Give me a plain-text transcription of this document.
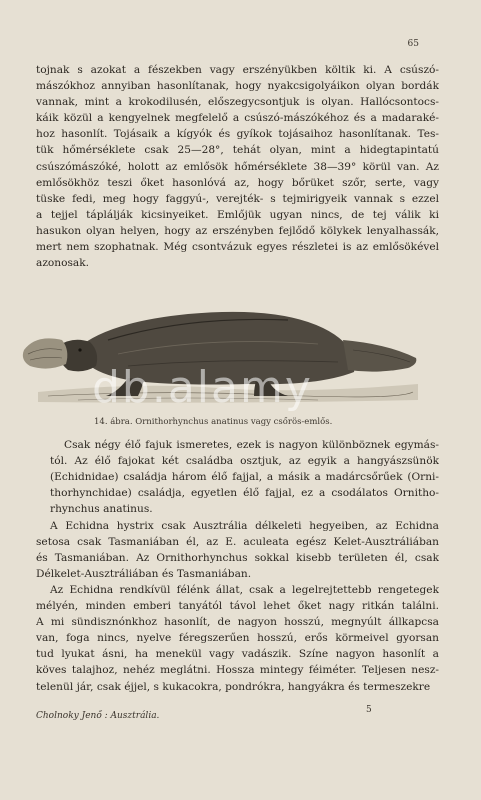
65
tojnak s azokat a fészekben vagy erszényükben költik ki. A csúszó-
mászókhoz annyiban hasonlítanak, hogy nyakcsigolyáikon olyan bordák
vannak, mint a krokodilusén, előszegycsontjuk is olyan. Hallócsontocs-
káik közül a kengyelnek megfelelő a csúszó-mászókéhoz és a madaraké-
hoz hasonlít. Tojásaik a kígyók és gyíkok tojásaihoz hasonlítanak. Tes-
tük hőmérséklete csak 25—28°, tehát olyan, mint a hidegtapintatú
csúszómászóké, holott az emlősök hőmérséklete 38—39° körül van. Az
emlősökhöz teszi őket hasonlóvá az, hogy bőrüket szőr, serte, vagy
tüske fedi, meg hogy faggyú-, verejték- s tejmirigyeik vannak s ezzel
a tejjel táplálják kicsinyeiket. Emlőjük ugyan nincs, de tej válik ki
hasukon olyan helyen, hogy az erszényben fejlődő kölykek lenyalhassák,
mert nem szophatnak. Még csontvázuk egyes részletei is az emlősökével
azonosak.
db.alamy
14. ábra. Ornithorhynchus anatinus vagy csőrös-emlős.
Csak négy élő fajuk ismeretes, ezek is nagyon különböznek egymás-
tól. Az élő fajokat két családba osztjuk, az egyik a hangyászsünök
(Echidnidae) családja három élő fajjal, a másik a madárcsőrűek (Orni-
thorhynchidae) családja, egyetlen élő fajjal, ez a csodálatos Ornitho-
rhynchus anatinus.
A Echidna hystrix csak Ausztrália délkeleti hegyeiben, az Echidna
setosa csak Tasmaniában él, az E. aculeata egész Kelet-Ausztráliában
és Tasmaniában. Az Ornithorhynchus sokkal kisebb területen él, csak
Délkelet-Ausztráliában és Tasmaniában.
Az Echidna rendkívül félénk állat, csak a legelrejtettebb rengetegek
mélyén, minden emberi tanyától távol lehet őket nagy ritkán találni.
A mi sündisznónkhoz hasonlít, de nagyon hosszú, megnyúlt állkapcsa
van, foga nincs, nyelve féregszerűen hosszú, erős körmeivel gyorsan
tud lyukat ásni, ha menekül vagy vadászik. Színe nagyon hasonlít a
köves talajhoz, nehéz meglátni. Hossza mintegy féiméter. Teljesen nesz-
telenül jár, csak éjjel, s kukacokra, pondrókra, hangyákra és termeszekre
Cholnoky Jenő : Ausztrália.
5
